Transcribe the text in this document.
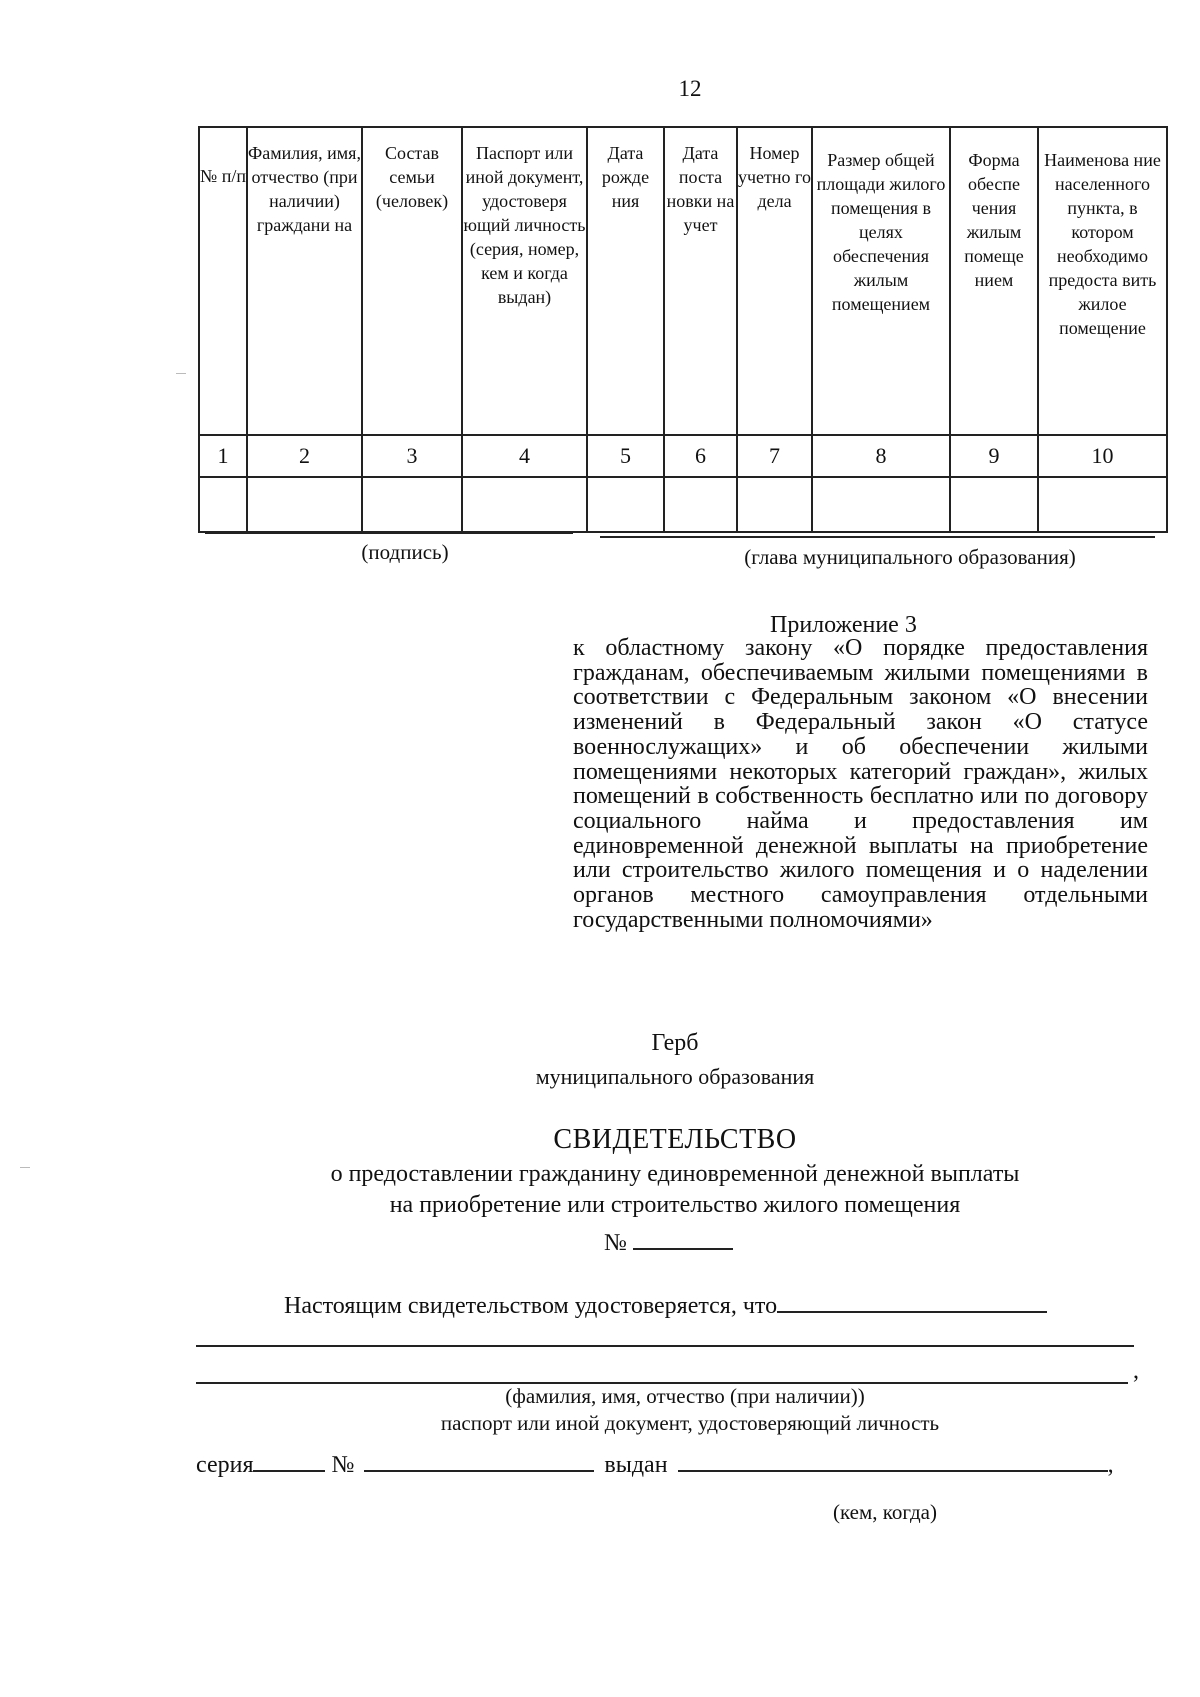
12
№ п/п	Фамилия, имя, отчество (при наличии) граждани на	Состав семьи (человек)	Паспорт или иной документ, удостоверя ющий личность (серия, номер, кем и когда выдан)	Дата рожде ния	Дата поста новки на учет	Номер учетно го дела	Размер общей площади жилого помещения в целях обеспечения жилым помещением	Форма обеспе чения жилым помеще нием	Наименова ние населенного пункта, в котором необходимо предоста вить жилое помещение
1	2	3	4	5	6	7	8	9	10

(подпись)	(глава муниципального образования)
Приложение 3
к областному закону «О порядке предоставления гражданам, обеспечиваемым жилыми помещениями в соответствии с Федеральным законом «О внесении изменений в Федеральный закон «О статусе военнослужащих» и об обеспечении жилыми помещениями некоторых категорий граждан», жилых помещений в собственность бесплатно или по договору социального найма и предоставления им единовременной денежной выплаты на приобретение или строительство жилого помещения и о наделении органов местного самоуправления отдельными государственными полномочиями»
Герб
муниципального образования
СВИДЕТЕЛЬСТВО
о предоставлении гражданину единовременной денежной выплаты
на приобретение или строительство жилого помещения
№
Настоящим свидетельством удостоверяется, что
,
(фамилия, имя, отчество (при наличии))
паспорт или иной документ, удостоверяющий личность
серия	№	выдан	,
(кем, когда)
